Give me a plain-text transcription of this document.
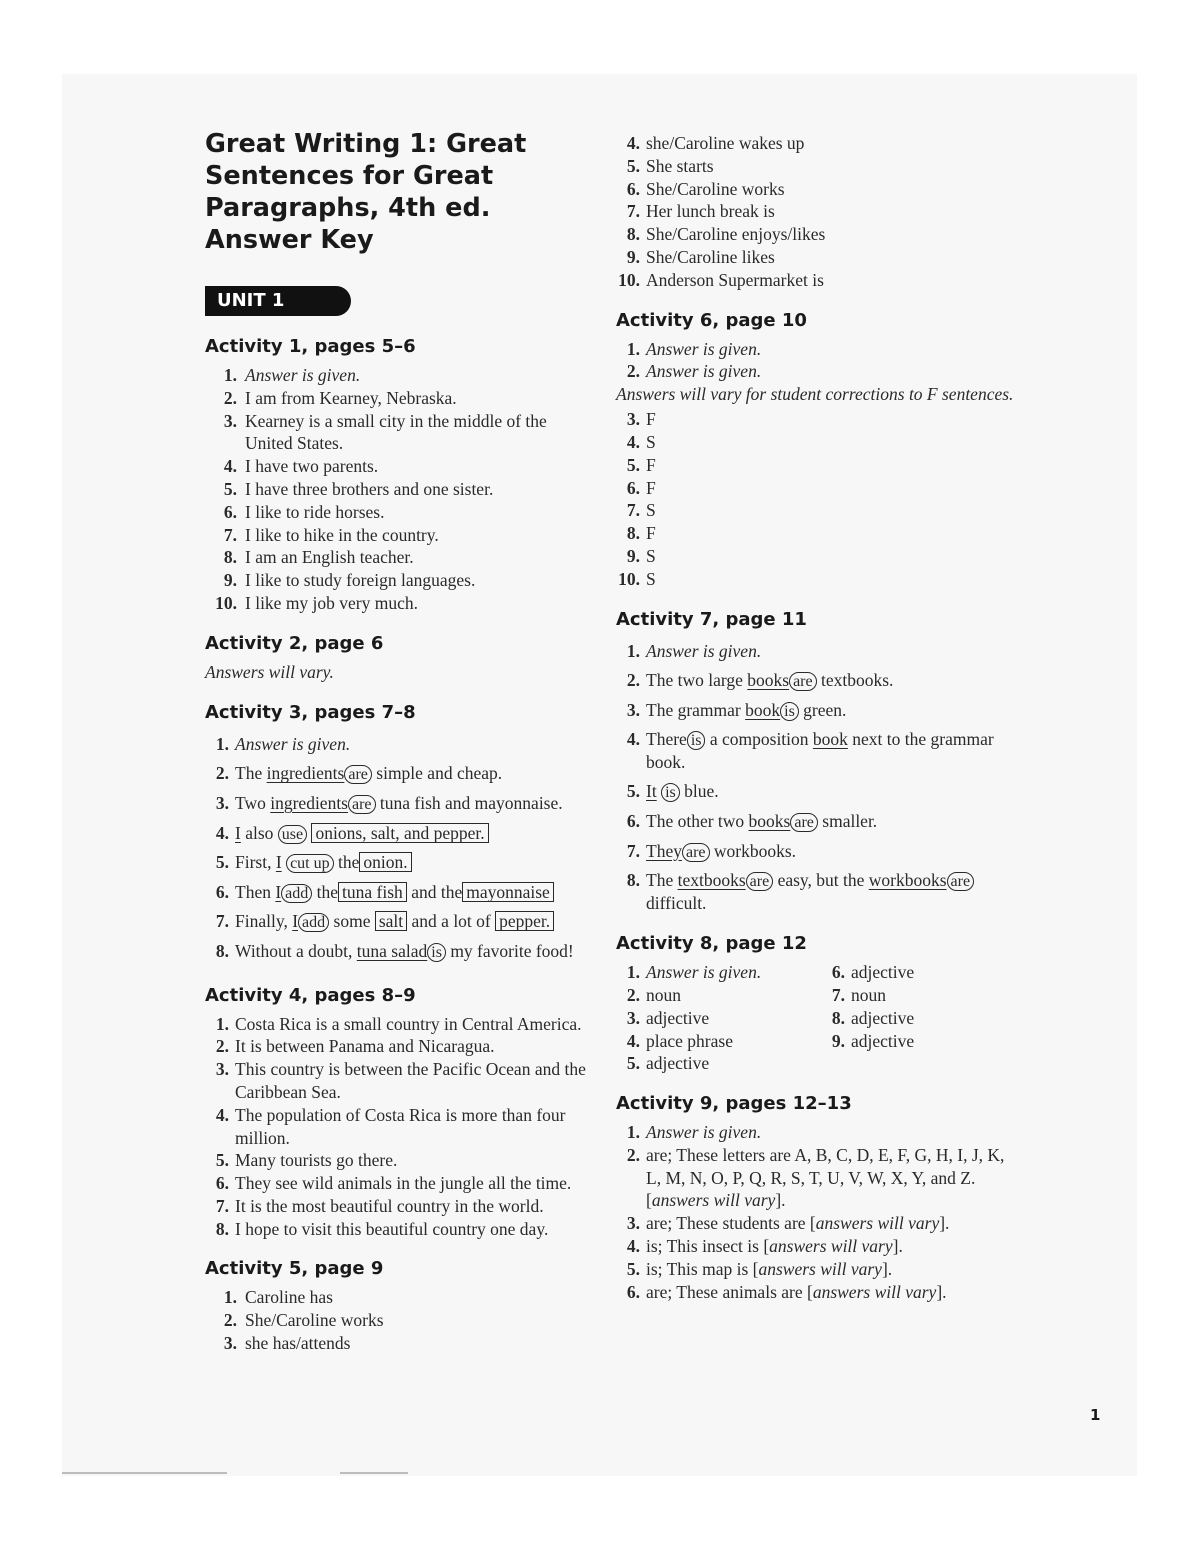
Great Writing 1: Great
Sentences for Great
Paragraphs, 4th ed.
Answer Key
UNIT 1
Activity 1, pages 5–6
1. Answer is given.
2. I am from Kearney, Nebraska.
3. Kearney is a small city in the middle of the United States.
4. I have two parents.
5. I have three brothers and one sister.
6. I like to ride horses.
7. I like to hike in the country.
8. I am an English teacher.
9. I like to study foreign languages.
10. I like my job very much.
Activity 2, page 6
Answers will vary.
Activity 3, pages 7–8
1. Answer is given.
2. The ingredients are simple and cheap.
3. Two ingredients are tuna fish and mayonnaise.
4. I also use onions, salt, and pepper.
5. First, I cut up the onion.
6. Then I add the tuna fish and the mayonnaise
7. Finally, I add some salt and a lot of pepper.
8. Without a doubt, tuna salad is my favorite food!
Activity 4, pages 8–9
1. Costa Rica is a small country in Central America.
2. It is between Panama and Nicaragua.
3. This country is between the Pacific Ocean and the Caribbean Sea.
4. The population of Costa Rica is more than four million.
5. Many tourists go there.
6. They see wild animals in the jungle all the time.
7. It is the most beautiful country in the world.
8. I hope to visit this beautiful country one day.
Activity 5, page 9
1. Caroline has
2. She/Caroline works
3. she has/attends
4. she/Caroline wakes up
5. She starts
6. She/Caroline works
7. Her lunch break is
8. She/Caroline enjoys/likes
9. She/Caroline likes
10. Anderson Supermarket is
Activity 6, page 10
1. Answer is given.
2. Answer is given.
Answers will vary for student corrections to F sentences.
3. F
4. S
5. F
6. F
7. S
8. F
9. S
10. S
Activity 7, page 11
1. Answer is given.
2. The two large books are textbooks.
3. The grammar book is green.
4. There is a composition book next to the grammar book.
5. It is blue.
6. The other two books are smaller.
7. They are workbooks.
8. The textbooks are easy, but the workbooks are difficult.
Activity 8, page 12
1. Answer is given.
2. noun
3. adjective
4. place phrase
5. adjective
6. adjective
7. noun
8. adjective
9. adjective
Activity 9, pages 12–13
1. Answer is given.
2. are; These letters are A, B, C, D, E, F, G, H, I, J, K, L, M, N, O, P, Q, R, S, T, U, V, W, X, Y, and Z. [answers will vary].
3. are; These students are [answers will vary].
4. is; This insect is [answers will vary].
5. is; This map is [answers will vary].
6. are; These animals are [answers will vary].
1
